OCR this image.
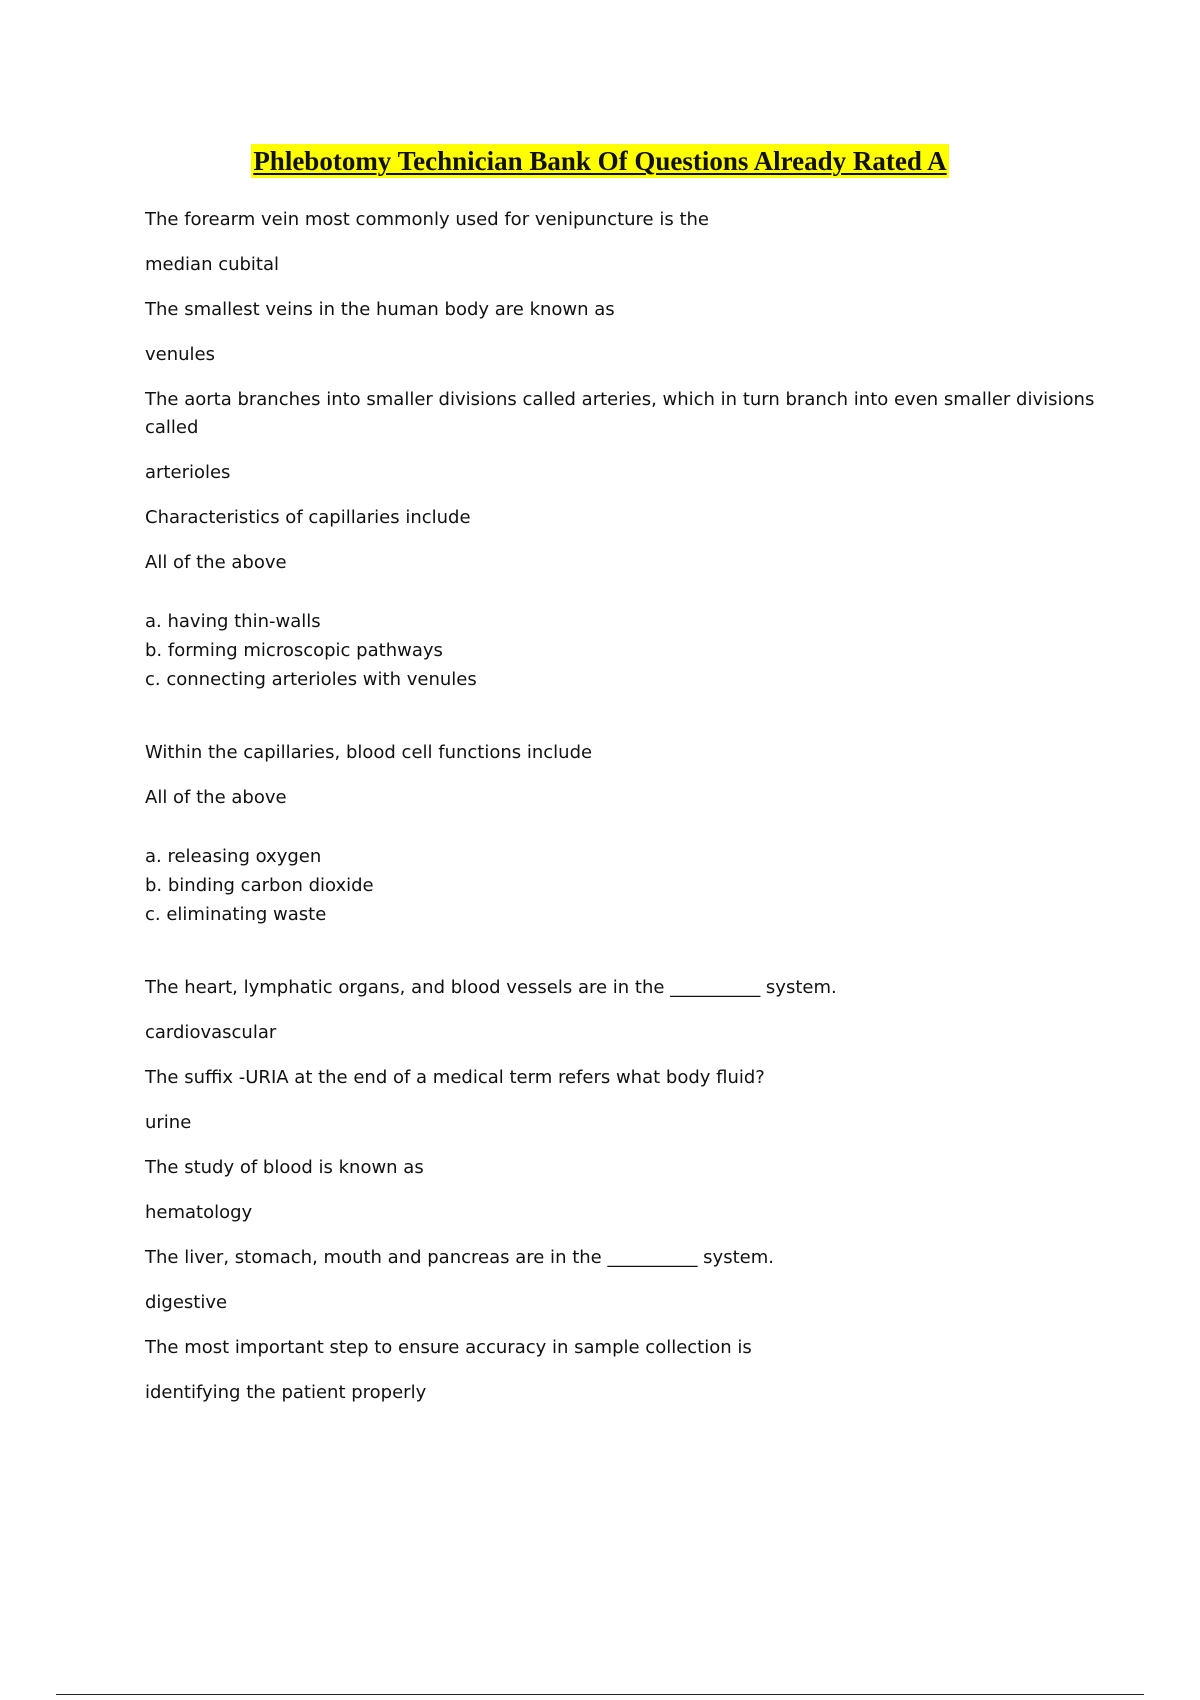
Phlebotomy Technician Bank Of Questions Already Rated A

The forearm vein most commonly used for venipuncture is the

median cubital

The smallest veins in the human body are known as

venules

The aorta branches into smaller divisions called arteries, which in turn branch into even smaller divisions called

arterioles

Characteristics of capillaries include

All of the above

a. having thin-walls

b. forming microscopic pathways

c. connecting arterioles with venules

Within the capillaries, blood cell functions include

All of the above

a. releasing oxygen

b. binding carbon dioxide

c. eliminating waste

The heart, lymphatic organs, and blood vessels are in the __________ system.

cardiovascular

The suffix -URIA at the end of a medical term refers what body fluid?

urine

The study of blood is known as

hematology

The liver, stomach, mouth and pancreas are in the __________ system.

digestive

The most important step to ensure accuracy in sample collection is

identifying the patient properly
